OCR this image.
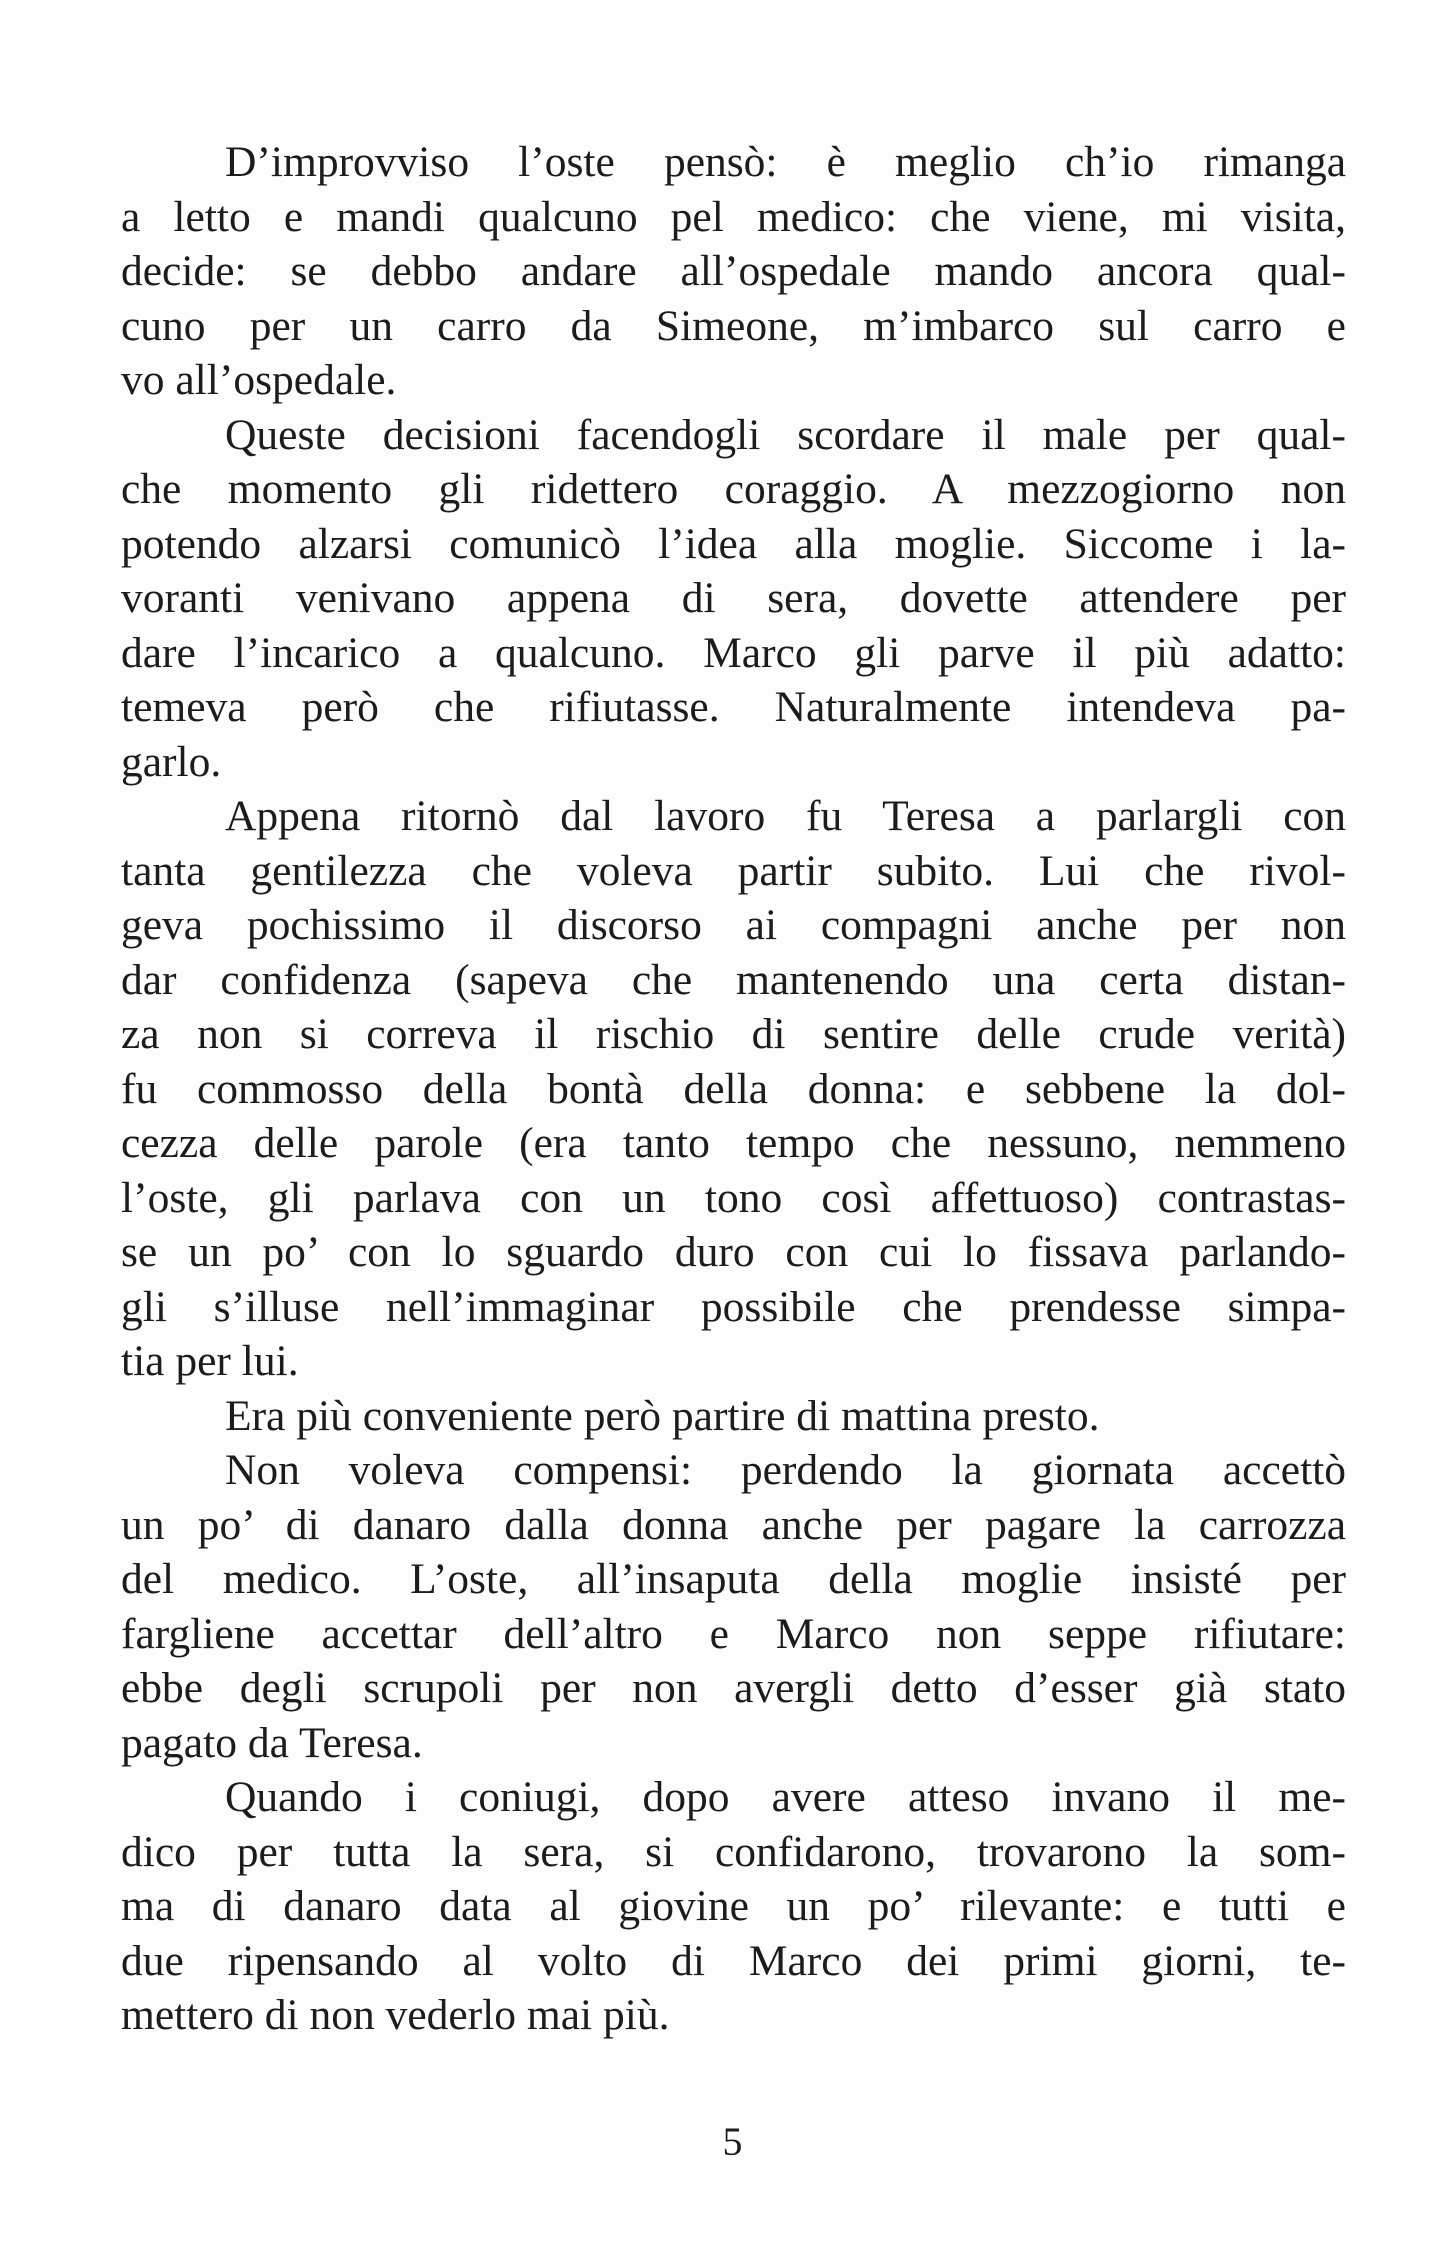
D’improvviso l’oste pensò: è meglio ch’io rimanga
a letto e mandi qualcuno pel medico: che viene, mi visita,
decide: se debbo andare all’ospedale mando ancora qual-
cuno per un carro da Simeone, m’imbarco sul carro e
vo all’ospedale.

Queste decisioni facendogli scordare il male per qual-
che momento gli ridettero coraggio. A mezzogiorno non
potendo alzarsi comunicò l’idea alla moglie. Siccome i la-
voranti venivano appena di sera, dovette attendere per
dare l’incarico a qualcuno. Marco gli parve il più adatto:
temeva però che rifiutasse. Naturalmente intendeva pa-
garlo.

Appena ritornò dal lavoro fu Teresa a parlargli con
tanta gentilezza che voleva partir subito. Lui che rivol-
geva pochissimo il discorso ai compagni anche per non
dar confidenza (sapeva che mantenendo una certa distan-
za non si correva il rischio di sentire delle crude verità)
fu commosso della bontà della donna: e sebbene la dol-
cezza delle parole (era tanto tempo che nessuno, nemmeno
l’oste, gli parlava con un tono così affettuoso) contrastas-
se un po’ con lo sguardo duro con cui lo fissava parlando-
gli s’illuse nell’immaginar possibile che prendesse simpa-
tia per lui.

Era più conveniente però partire di mattina presto.

Non voleva compensi: perdendo la giornata accettò
un po’ di danaro dalla donna anche per pagare la carrozza
del medico. L’oste, all’insaputa della moglie insisté per
fargliene accettar dell’altro e Marco non seppe rifiutare:
ebbe degli scrupoli per non avergli detto d’esser già stato
pagato da Teresa.

Quando i coniugi, dopo avere atteso invano il me-
dico per tutta la sera, si confidarono, trovarono la som-
ma di danaro data al giovine un po’ rilevante: e tutti e
due ripensando al volto di Marco dei primi giorni, te-
mettero di non vederlo mai più.

5
